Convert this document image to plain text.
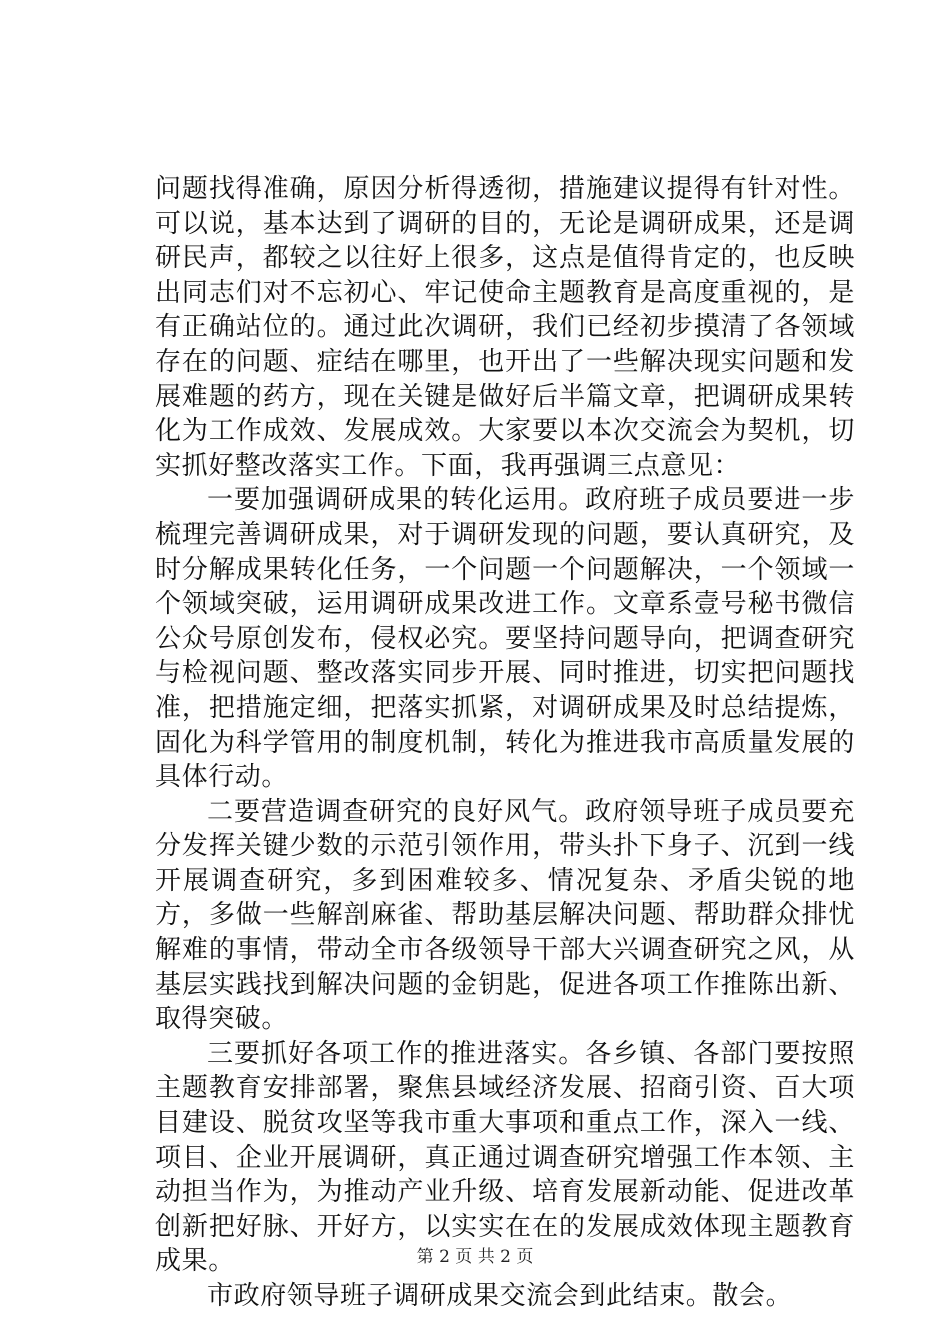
问题找得准确，原因分析得透彻，措施建议提得有针对性。可以说，基本达到了调研的目的，无论是调研成果，还是调研民声，都较之以往好上很多，这点是值得肯定的，也反映出同志们对不忘初心、牢记使命主题教育是高度重视的，是有正确站位的。通过此次调研，我们已经初步摸清了各领域存在的问题、症结在哪里，也开出了一些解决现实问题和发展难题的药方，现在关键是做好后半篇文章，把调研成果转化为工作成效、发展成效。大家要以本次交流会为契机，切实抓好整改落实工作。下面，我再强调三点意见：

一要加强调研成果的转化运用。政府班子成员要进一步梳理完善调研成果，对于调研发现的问题，要认真研究，及时分解成果转化任务，一个问题一个问题解决，一个领域一个领域突破，运用调研成果改进工作。文章系壹号秘书微信公众号原创发布，侵权必究。要坚持问题导向，把调查研究与检视问题、整改落实同步开展、同时推进，切实把问题找准，把措施定细，把落实抓紧，对调研成果及时总结提炼，固化为科学管用的制度机制，转化为推进我市高质量发展的具体行动。

二要营造调查研究的良好风气。政府领导班子成员要充分发挥关键少数的示范引领作用，带头扑下身子、沉到一线开展调查研究，多到困难较多、情况复杂、矛盾尖锐的地方，多做一些解剖麻雀、帮助基层解决问题、帮助群众排忧解难的事情，带动全市各级领导干部大兴调查研究之风，从基层实践找到解决问题的金钥匙，促进各项工作推陈出新、取得突破。

三要抓好各项工作的推进落实。各乡镇、各部门要按照主题教育安排部署，聚焦县域经济发展、招商引资、百大项目建设、脱贫攻坚等我市重大事项和重点工作，深入一线、项目、企业开展调研，真正通过调查研究增强工作本领、主动担当作为，为推动产业升级、培育发展新动能、促进改革创新把好脉、开好方，以实实在在的发展成效体现主题教育成果。

市政府领导班子调研成果交流会到此结束。散会。

第 2 页 共 2 页
